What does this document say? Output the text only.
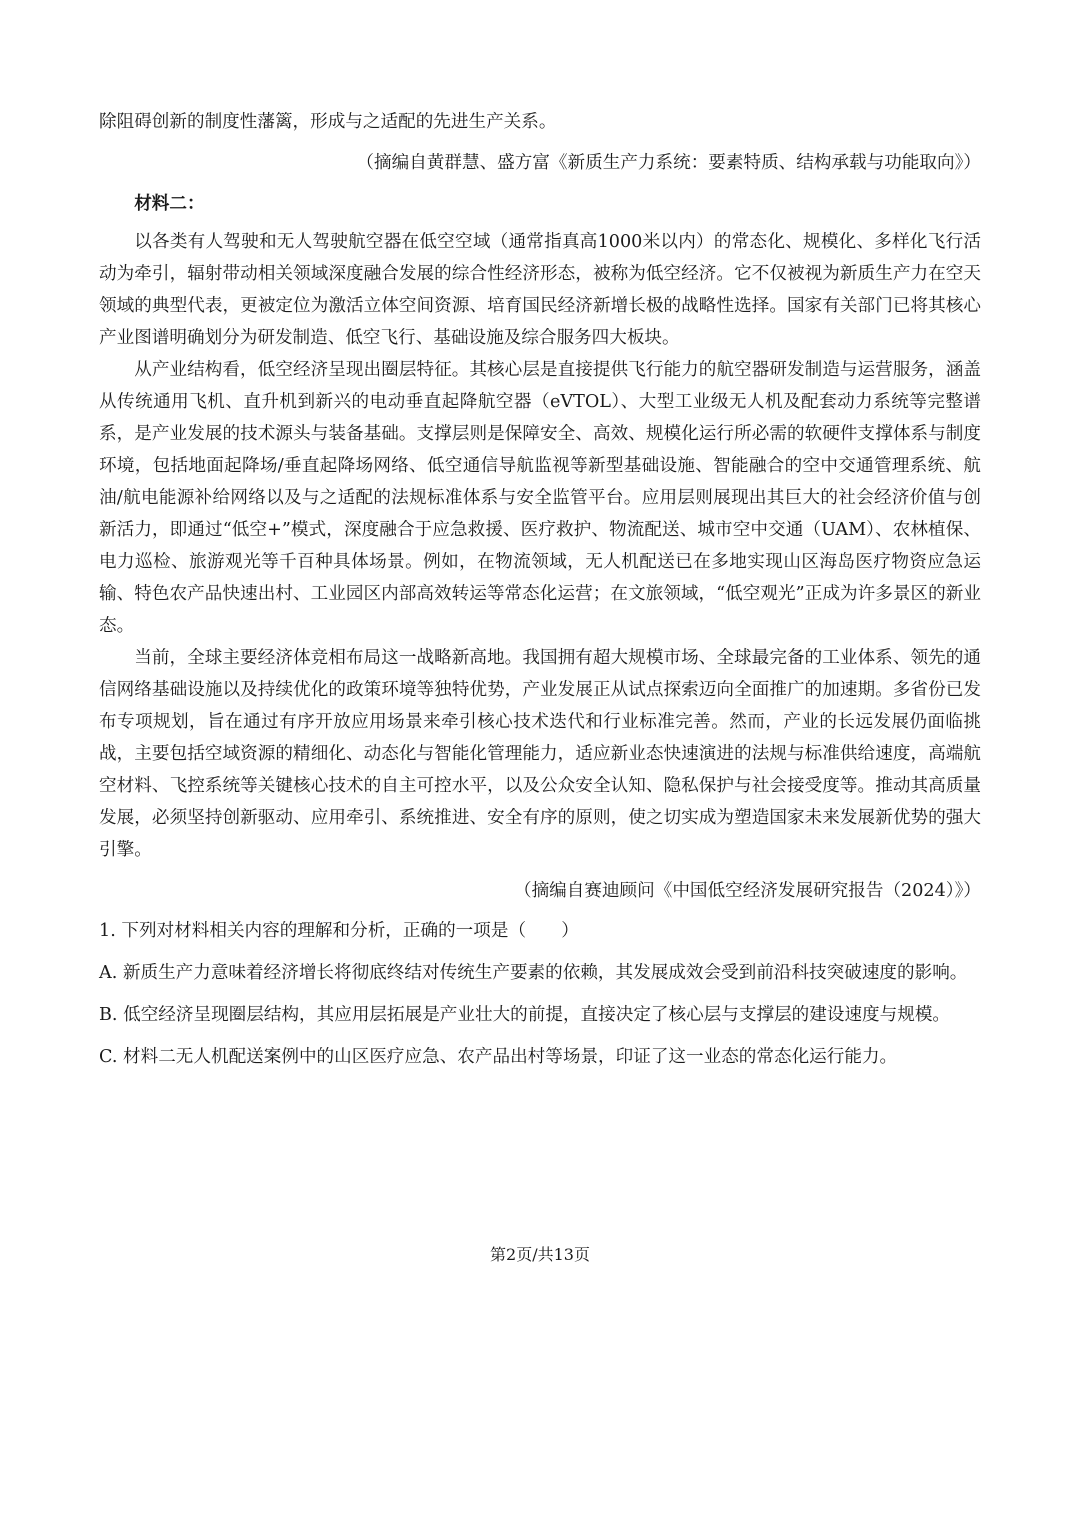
除阻碍创新的制度性藩篱，形成与之适配的先进生产关系。

（摘编自黄群慧、盛方富《新质生产力系统：要素特质、结构承载与功能取向》）

材料二：

以各类有人驾驶和无人驾驶航空器在低空空域（通常指真高1000米以内）的常态化、规模化、多样化飞行活动为牵引，辐射带动相关领域深度融合发展的综合性经济形态，被称为低空经济。它不仅被视为新质生产力在空天领域的典型代表，更被定位为激活立体空间资源、培育国民经济新增长极的战略性选择。国家有关部门已将其核心产业图谱明确划分为研发制造、低空飞行、基础设施及综合服务四大板块。

从产业结构看，低空经济呈现出圈层特征。其核心层是直接提供飞行能力的航空器研发制造与运营服务，涵盖从传统通用飞机、直升机到新兴的电动垂直起降航空器（eVTOL）、大型工业级无人机及配套动力系统等完整谱系，是产业发展的技术源头与装备基础。支撑层则是保障安全、高效、规模化运行所必需的软硬件支撑体系与制度环境，包括地面起降场/垂直起降场网络、低空通信导航监视等新型基础设施、智能融合的空中交通管理系统、航油/航电能源补给网络以及与之适配的法规标准体系与安全监管平台。应用层则展现出其巨大的社会经济价值与创新活力，即通过“低空+”模式，深度融合于应急救援、医疗救护、物流配送、城市空中交通（UAM）、农林植保、电力巡检、旅游观光等千百种具体场景。例如，在物流领域，无人机配送已在多地实现山区海岛医疗物资应急运输、特色农产品快速出村、工业园区内部高效转运等常态化运营；在文旅领域，“低空观光”正成为许多景区的新业态。

当前，全球主要经济体竞相布局这一战略新高地。我国拥有超大规模市场、全球最完备的工业体系、领先的通信网络基础设施以及持续优化的政策环境等独特优势，产业发展正从试点探索迈向全面推广的加速期。多省份已发布专项规划，旨在通过有序开放应用场景来牵引核心技术迭代和行业标准完善。然而，产业的长远发展仍面临挑战，主要包括空域资源的精细化、动态化与智能化管理能力，适应新业态快速演进的法规与标准供给速度，高端航空材料、飞控系统等关键核心技术的自主可控水平，以及公众安全认知、隐私保护与社会接受度等。推动其高质量发展，必须坚持创新驱动、应用牵引、系统推进、安全有序的原则，使之切实成为塑造国家未来发展新优势的强大引擎。

（摘编自赛迪顾问《中国低空经济发展研究报告（2024）》）

1. 下列对材料相关内容的理解和分析，正确的一项是（　　）

A. 新质生产力意味着经济增长将彻底终结对传统生产要素的依赖，其发展成效会受到前沿科技突破速度的影响。

B. 低空经济呈现圈层结构，其应用层拓展是产业壮大的前提，直接决定了核心层与支撑层的建设速度与规模。

C. 材料二无人机配送案例中的山区医疗应急、农产品出村等场景，印证了这一业态的常态化运行能力。

第2页/共13页
